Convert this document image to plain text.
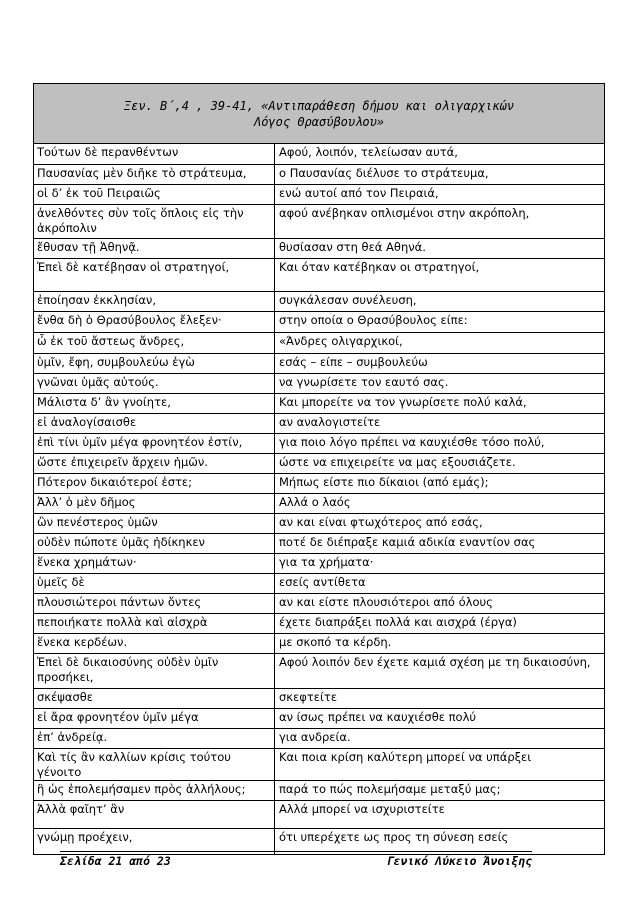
Ξεν. Β΄,4 , 39-41, «Αντιπαράθεση δήμου και ολιγαρχικών
Λόγος Θρασύβουλου»
Τούτων δὲ περανθέντων	Αφού, λοιπόν, τελείωσαν αυτά,
Παυσανίας μὲν διῆκε τὸ στράτευμα,	ο Παυσανίας διέλυσε το στράτευμα,
οἱ δ’ ἐκ τοῦ Πειραιῶς	ενώ αυτοί από τον Πειραιά,
ἀνελθόντες σὺν τοῖς ὅπλοις εἰς τὴν ἀκρόπολιν	αφού ανέβηκαν οπλισμένοι στην ακρόπολη,
ἔθυσαν τῇ Ἀθηνᾷ.	θυσίασαν στη θεά Αθηνά.
Ἐπεὶ δὲ κατέβησαν οἱ στρατηγοί,	Και όταν κατέβηκαν οι στρατηγοί,
ἐποίησαν ἐκκλησίαν,	συγκάλεσαν συνέλευση,
ἔνθα δὴ ὁ Θρασύβουλος ἔλεξεν·	στην οποία ο Θρασύβουλος είπε:
ὦ ἐκ τοῦ ἄστεως ἄνδρες,	«Άνδρες ολιγαρχικοί,
ὑμῖν, ἔφη, συμβουλεύω ἐγὼ	εσάς – είπε – συμβουλεύω
γνῶναι ὑμᾶς αὐτούς.	να γνωρίσετε τον εαυτό σας.
Μάλιστα δ’ ἂν γνοίητε,	Και μπορείτε να τον γνωρίσετε πολύ καλά,
εἰ ἀναλογίσαισθε	αν αναλογιστείτε
ἐπὶ τίνι ὑμῖν μέγα φρονητέον ἐστίν,	για ποιο λόγο πρέπει να καυχιέσθε τόσο πολύ,
ὥστε ἐπιχειρεῖν ἄρχειν ἡμῶν.	ώστε να επιχειρείτε να μας εξουσιάζετε.
Πότερον δικαιότεροί ἐστε;	Μήπως είστε πιο δίκαιοι (από εμάς);
Ἀλλ’ ὁ μὲν δῆμος	Αλλά ο λαός
ὢν πενέστερος ὑμῶν	αν και είναι φτωχότερος από εσάς,
οὐδὲν πώποτε ὑμᾶς ἠδίκηκεν	ποτέ δε διέπραξε καμιά αδικία εναντίον σας
ἕνεκα χρημάτων·	για τα χρήματα·
ὑμεῖς δὲ	εσείς αντίθετα
πλουσιώτεροι πάντων ὄντες	αν και είστε πλουσιότεροι από όλους
πεποιήκατε πολλὰ καὶ αἰσχρὰ	έχετε διαπράξει πολλά και αισχρά (έργα)
ἕνεκα κερδέων.	με σκοπό τα κέρδη.
Ἐπεὶ δὲ δικαιοσύνης οὐδὲν ὑμῖν προσήκει,	Αφού λοιπόν δεν έχετε καμιά σχέση με τη δικαιοσύνη,
σκέψασθε	σκεφτείτε
εἰ ἄρα φρονητέον ὑμῖν μέγα	αν ίσως πρέπει να καυχιέσθε πολύ
ἐπ’ ἀνδρείᾳ.	για ανδρεία.
Καὶ τίς ἂν καλλίων κρίσις τούτου γένοιτο	Και ποια κρίση καλύτερη μπορεί να υπάρξει
ἢ ὡς ἐπολεμήσαμεν πρὸς ἀλλήλους;	παρά το πώς πολεμήσαμε μεταξύ μας;
Ἀλλὰ φαῖητ’ ἂν	Αλλά μπορεί να ισχυριστείτε
γνώμῃ προέχειν,	ότι υπερέχετε ως προς τη σύνεση εσείς
Σελίδα 21 από 23	Γενικό Λύκειο Άνοιξης
